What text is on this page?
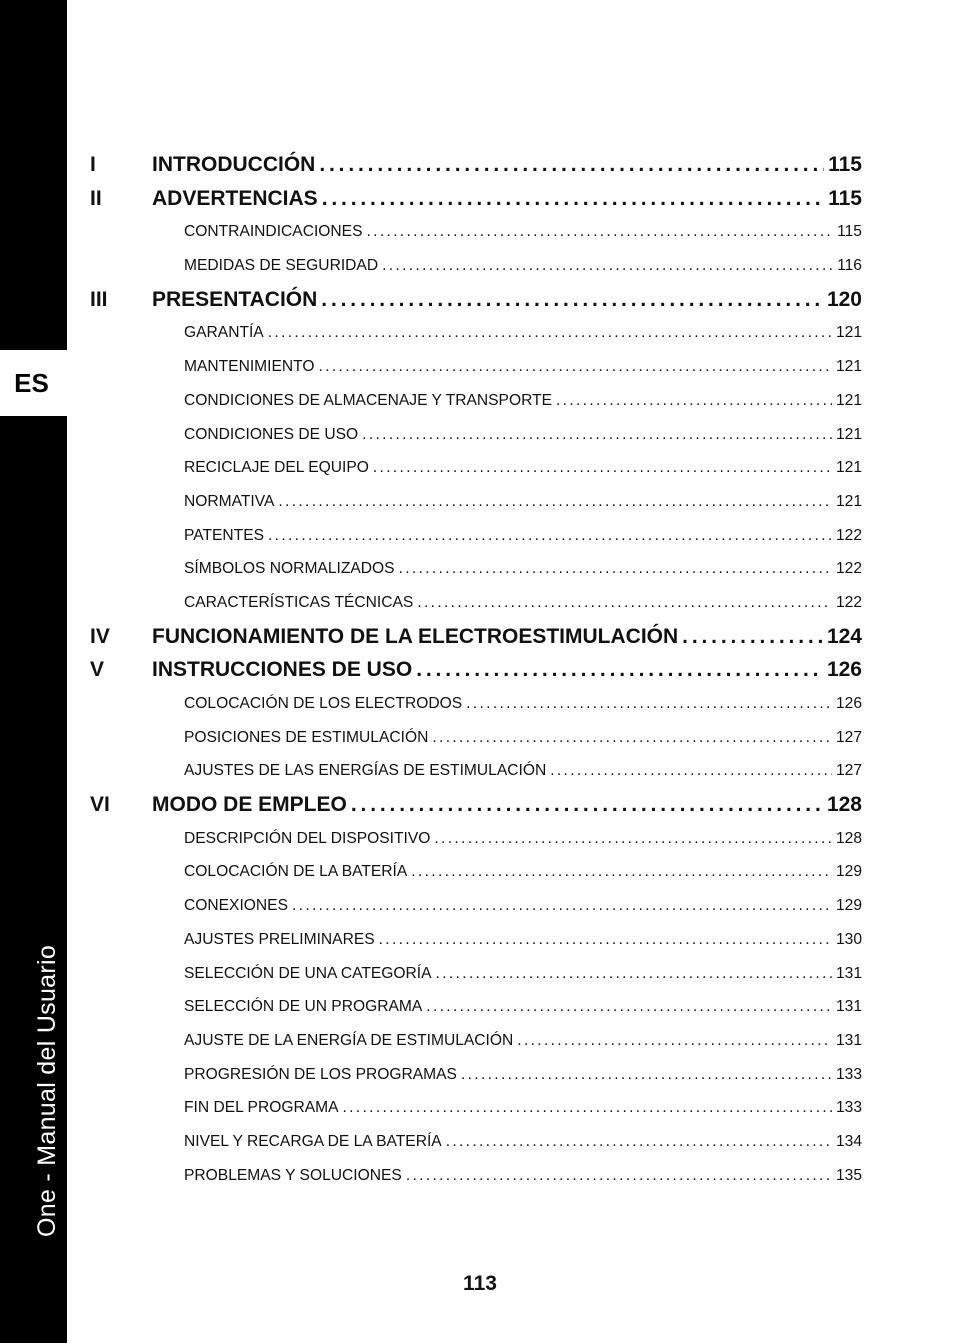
ES
One - Manual del Usuario
I	INTRODUCCIÓN . . .	115
II	ADVERTENCIAS . . .	115
CONTRAINDICACIONES . . .	115
MEDIDAS DE SEGURIDAD . . .	116
III	PRESENTACIÓN . . .	120
GARANTÍA . . .	121
MANTENIMIENTO . . .	121
CONDICIONES DE ALMACENAJE Y TRANSPORTE . . .	121
CONDICIONES DE USO . . .	121
RECICLAJE DEL EQUIPO . . .	121
NORMATIVA . . .	121
PATENTES . . .	122
SÍMBOLOS NORMALIZADOS . . .	122
CARACTERÍSTICAS TÉCNICAS . . .	122
IV	FUNCIONAMIENTO DE LA ELECTROESTIMULACIÓN . . .	124
V	INSTRUCCIONES DE USO . . .	126
COLOCACIÓN DE LOS ELECTRODOS . . .	126
POSICIONES DE ESTIMULACIÓN . . .	127
AJUSTES DE LAS ENERGÍAS DE ESTIMULACIÓN . . .	127
VI	MODO DE EMPLEO . . .	128
DESCRIPCIÓN DEL DISPOSITIVO . . .	128
COLOCACIÓN DE LA BATERÍA . . .	129
CONEXIONES . . .	129
AJUSTES PRELIMINARES . . .	130
SELECCIÓN DE UNA CATEGORÍA . . .	131
SELECCIÓN DE UN PROGRAMA . . .	131
AJUSTE DE LA ENERGÍA DE ESTIMULACIÓN . . .	131
PROGRESIÓN DE LOS PROGRAMAS . . .	133
FIN DEL PROGRAMA . . .	133
NIVEL Y RECARGA DE LA BATERÍA . . .	134
PROBLEMAS Y SOLUCIONES . . .	135
113
